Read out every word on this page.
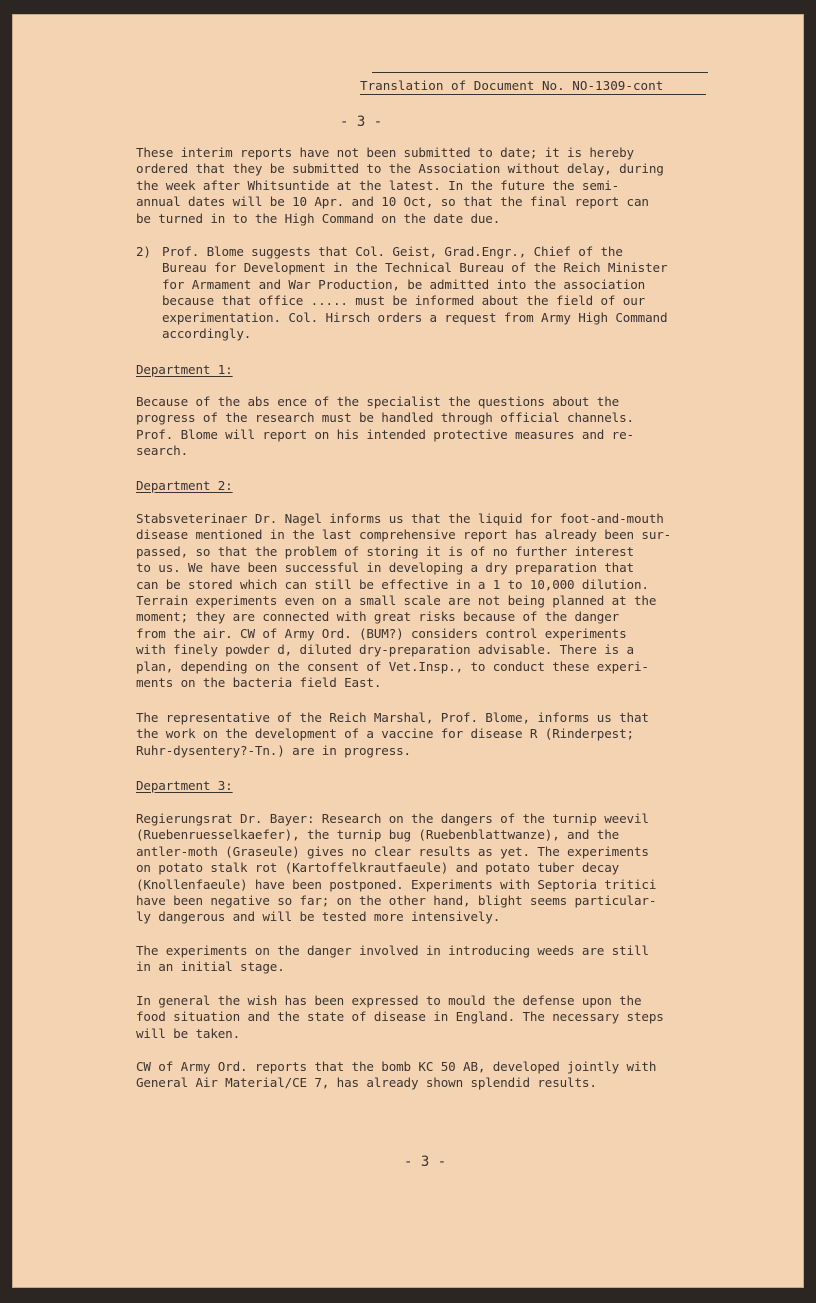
Translation of Document No. NO-1309-cont
- 3 -

These interim reports have not been submitted to date; it is hereby

ordered that they be submitted to the Association without delay, during

the week after Whitsuntide at the latest. In the future the semi-

annual dates will be 10 Apr. and 10 Oct, so that the final report can

be turned in to the High Command on the date due.

2) Prof. Blome suggests that Col. Geist, Grad.Engr., Chief of the

Bureau for Development in the Technical Bureau of the Reich Minister

for Armament and War Production, be admitted into the association

because that office ..... must be informed about the field of our

experimentation. Col. Hirsch orders a request from Army High Command

accordingly.

Department 1:

Because of the abs ence of the specialist the questions about the

progress of the research must be handled through official channels.

Prof. Blome will report on his intended protective measures and re-

search.

Department 2:

Stabsveterinaer Dr. Nagel informs us that the liquid for foot-and-mouth

disease mentioned in the last comprehensive report has already been sur-

passed, so that the problem of storing it is of no further interest

to us. We have been successful in developing a dry preparation that

can be stored which can still be effective in a 1 to 10,000 dilution.

Terrain experiments even on a small scale are not being planned at the

moment; they are connected with great risks because of the danger

from the air. CW of Army Ord. (BUM?) considers control experiments

with finely powder d, diluted dry-preparation advisable. There is a

plan, depending on the consent of Vet.Insp., to conduct these experi-

ments on the bacteria field East.

The representative of the Reich Marshal, Prof. Blome, informs us that

the work on the development of a vaccine for disease R (Rinderpest;

Ruhr-dysentery?-Tn.) are in progress.

Department 3:

Regierungsrat Dr. Bayer: Research on the dangers of the turnip weevil

(Ruebenruesselkaefer), the turnip bug (Ruebenblattwanze), and the

antler-moth (Graseule) gives no clear results as yet. The experiments

on potato stalk rot (Kartoffelkrautfaeule) and potato tuber decay

(Knollenfaeule) have been postponed. Experiments with Septoria tritici

have been negative so far; on the other hand, blight seems particular-

ly dangerous and will be tested more intensively.

The experiments on the danger involved in introducing weeds are still

in an initial stage.

In general the wish has been expressed to mould the defense upon the

food situation and the state of disease in England. The necessary steps

will be taken.

CW of Army Ord. reports that the bomb KC 50 AB, developed jointly with

General Air Material/CE 7, has already shown splendid results.

- 3 -
